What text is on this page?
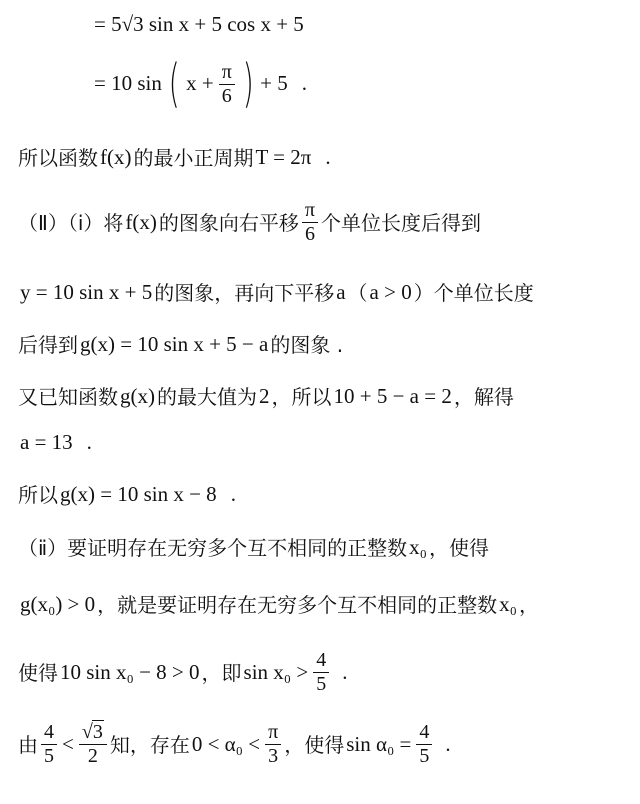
= 5√3 sin x + 5 cos x + 5
= 10 sin ( $x + \frac{\pi}{6}$ ) + 5 .
所以函数 f(x) 的最小正周期 T = 2π .
（Ⅱ）（ⅰ）将 f(x) 的图象向右平移 $\frac{\pi}{6}$ 个单位长度后得到
y = 10 sin x + 5 的图象，再向下平移 a （ a > 0 ）个单位长度
后得到 g(x) = 10 sin x + 5 − a 的图象 .
又已知函数 g(x) 的最大值为 2 ，所以 10 + 5 − a = 2 ，解得
a = 13 .
所以 g(x) = 10 sin x − 8 .
（ⅱ）要证明存在无穷多个互不相同的正整数 x₀ ，使得
g(x₀) > 0 ，就是要证明存在无穷多个互不相同的正整数 x₀ ，
使得 10 sin x₀ − 8 > 0 ，即 $\sin x_0 > \frac{4}{5}$ .
由 $\frac{4}{5} < \frac{√3}{2}$ 知，存在 $0 < \alpha_0 < \frac{\pi}{3}$ ，使得 $\sin \alpha_0 = \frac{4}{5}$ .
